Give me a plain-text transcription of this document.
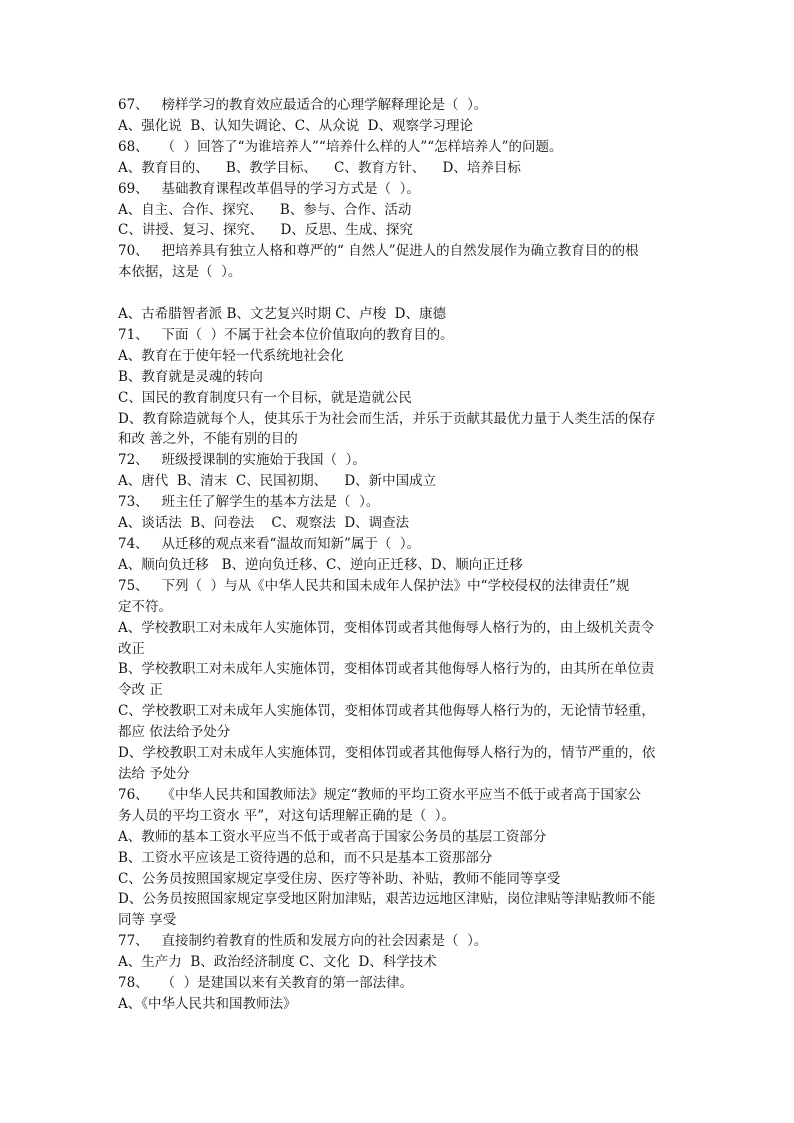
67、   榜样学习的教育效应最适合的心理学解释理论是（  ）。
A、强化说  B、认知失调论、C、从众说  D、观察学习理论
68、   （  ）回答了“为谁培养人”“培养什么样的人”“怎样培养人”的问题。
A、教育目的、    B、教学目标、    C、教育方针、    D、培养目标
69、   基础教育课程改革倡导的学习方式是（  ）。
A、自主、合作、探究、    B、参与、合作、活动
C、讲授、复习、探究、    D、反思、生成、探究
70、   把培养具有独立人格和尊严的“ 自然人”促进人的自然发展作为确立教育目的的根
本依据，这是（  ）。
A、古希腊智者派 B、文艺复兴时期 C、卢梭  D、康德
71、   下面（  ）不属于社会本位价值取向的教育目的。
A、教育在于使年轻一代系统地社会化
B、教育就是灵魂的转向
C、国民的教育制度只有一个目标，就是造就公民
D、教育除造就每个人，使其乐于为社会而生活，并乐于贡献其最优力量于人类生活的保存
和改 善之外，不能有别的目的
72、   班级授课制的实施始于我国（  ）。
A、唐代  B、清末  C、民国初期、    D、新中国成立
73、   班主任了解学生的基本方法是（  ）。
A、谈话法  B、问卷法    C、观察法  D、调查法
74、   从迁移的观点来看“温故而知新”属于（  ）。
A、顺向负迁移   B、逆向负迁移、C、逆向正迁移、D、顺向正迁移
75、   下列（  ）与从《中华人民共和国未成年人保护法》中“学校侵权的法律责任”规
定不符。
A、学校教职工对未成年人实施体罚，变相体罚或者其他侮辱人格行为的，由上级机关责令
改正
B、学校教职工对未成年人实施体罚，变相体罚或者其他侮辱人格行为的，由其所在单位责
令改 正
C、学校教职工对未成年人实施体罚，变相体罚或者其他侮辱人格行为的，无论情节轻重，
都应 依法给予处分
D、学校教职工对未成年人实施体罚，变相体罚或者其他侮辱人格行为的，情节严重的，依
法给 予处分
76、   《中华人民共和国教师法》规定“教师的平均工资水平应当不低于或者高于国家公
务人员的平均工资水 平”，对这句话理解正确的是（  ）。
A、教师的基本工资水平应当不低于或者高于国家公务员的基层工资部分
B、工资水平应该是工资待遇的总和，而不只是基本工资那部分
C、公务员按照国家规定享受住房、医疗等补助、补贴，教师不能同等享受
D、公务员按照国家规定享受地区附加津贴，艰苦边远地区津贴，岗位津贴等津贴教师不能
同等 享受
77、   直接制约着教育的性质和发展方向的社会因素是（  ）。
A、生产力  B、政治经济制度 C、文化  D、科学技术
78、   （  ）是建国以来有关教育的第一部法律。
A、《中华人民共和国教师法》
